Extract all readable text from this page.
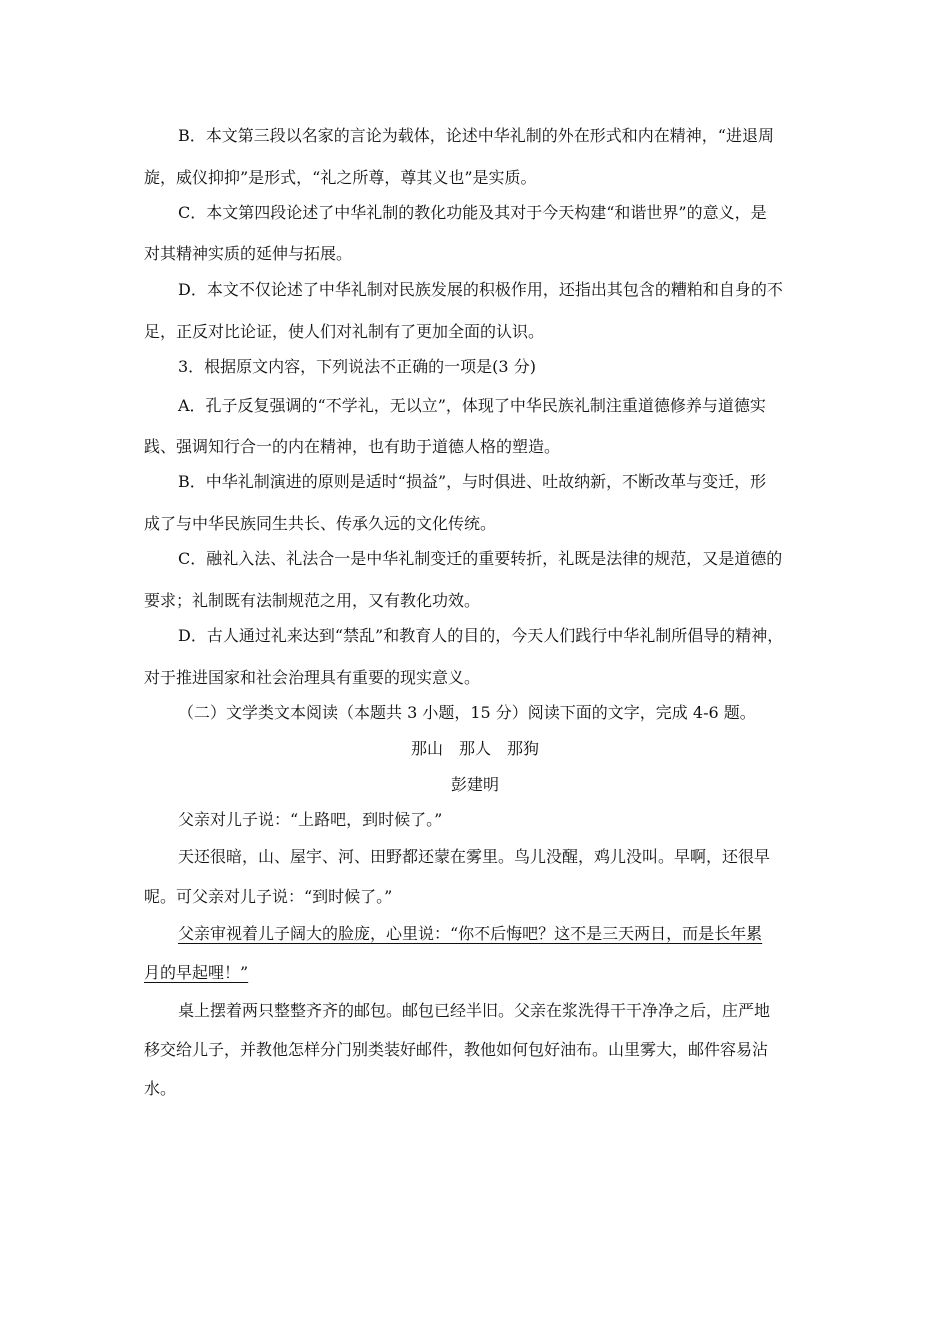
B．本文第三段以名家的言论为载体，论述中华礼制的外在形式和内在精神，“进退周
旋，威仪抑抑”是形式，“礼之所尊，尊其义也”是实质。
C．本文第四段论述了中华礼制的教化功能及其对于今天构建“和谐世界”的意义，是
对其精神实质的延伸与拓展。
D．本文不仅论述了中华礼制对民族发展的积极作用，还指出其包含的糟粕和自身的不
足，正反对比论证，使人们对礼制有了更加全面的认识。
3．根据原文内容，下列说法不正确的一项是(3 分)
A．孔子反复强调的“不学礼，无以立”，体现了中华民族礼制注重道德修养与道德实
践、强调知行合一的内在精神，也有助于道德人格的塑造。
B．中华礼制演进的原则是适时“损益”，与时俱进、吐故纳新，不断改革与变迁，形
成了与中华民族同生共长、传承久远的文化传统。
C．融礼入法、礼法合一是中华礼制变迁的重要转折，礼既是法律的规范，又是道德的
要求；礼制既有法制规范之用，又有教化功效。
D．古人通过礼来达到“禁乱”和教育人的目的，今天人们践行中华礼制所倡导的精神，
对于推进国家和社会治理具有重要的现实意义。
（二）文学类文本阅读（本题共 3 小题，15 分）阅读下面的文字，完成 4-6 题。
那山　那人　那狗
彭建明
父亲对儿子说：“上路吧，到时候了。”
天还很暗，山、屋宇、河、田野都还蒙在雾里。鸟儿没醒，鸡儿没叫。早啊，还很早
呢。可父亲对儿子说：“到时候了。”
父亲审视着儿子阔大的脸庞，心里说：“你不后悔吧？这不是三天两日，而是长年累
月的早起哩！”
桌上摆着两只整整齐齐的邮包。邮包已经半旧。父亲在浆洗得干干净净之后，庄严地
移交给儿子，并教他怎样分门别类装好邮件，教他如何包好油布。山里雾大，邮件容易沾
水。
